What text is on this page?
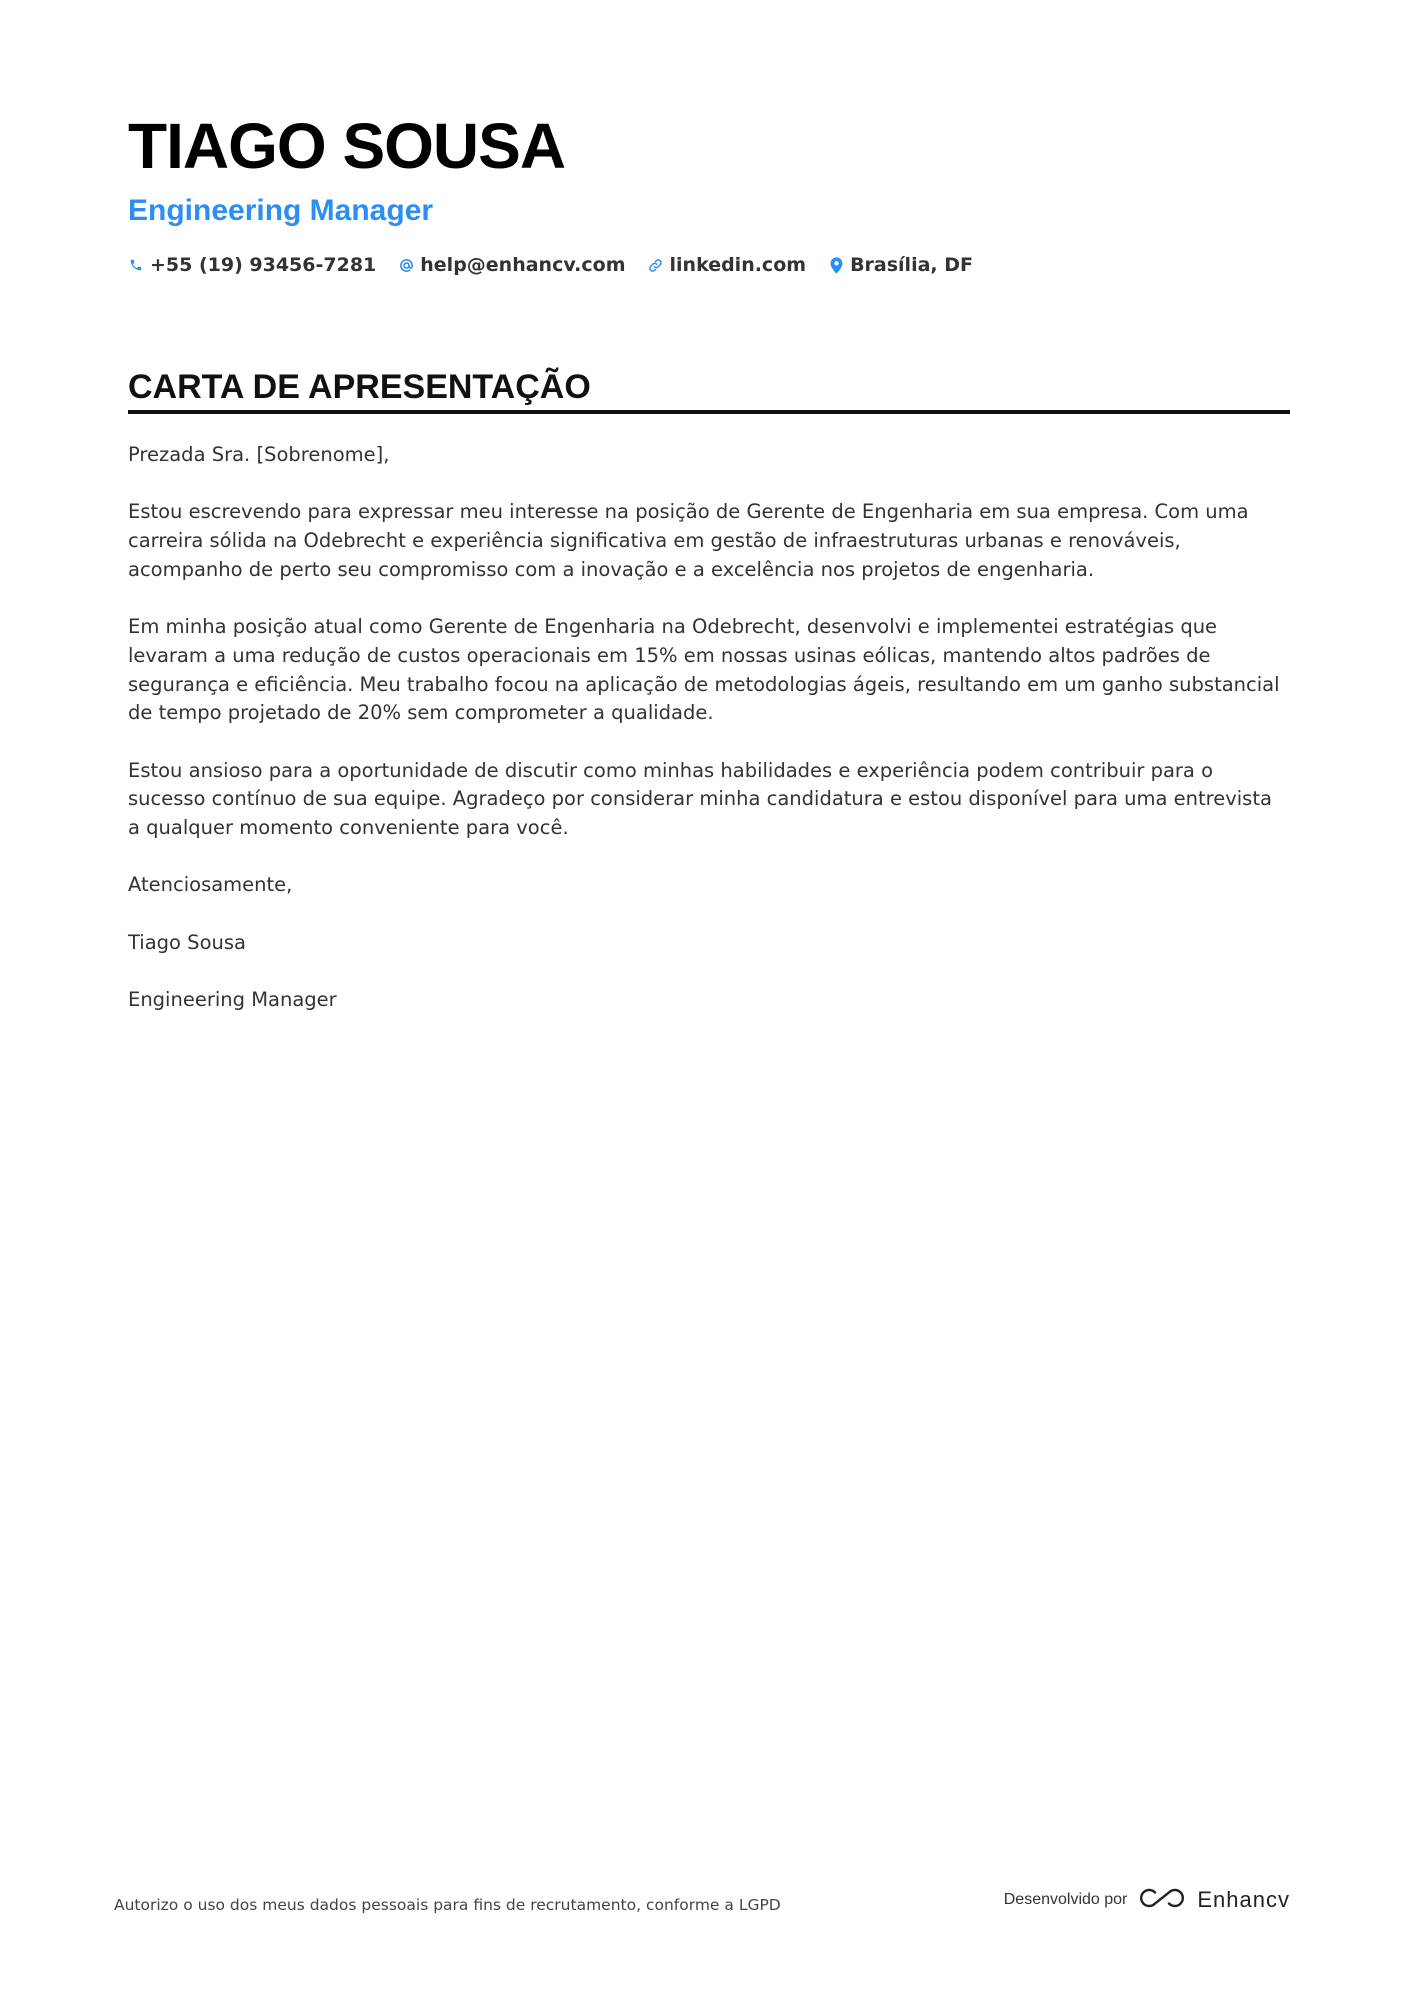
TIAGO SOUSA
Engineering Manager
+55 (19) 93456-7281 help@enhancv.com linkedin.com Brasília, DF
CARTA DE APRESENTAÇÃO

Prezada Sra. [Sobrenome],

Estou escrevendo para expressar meu interesse na posição de Gerente de Engenharia em sua empresa. Com uma carreira sólida na Odebrecht e experiência significativa em gestão de infraestruturas urbanas e renováveis, acompanho de perto seu compromisso com a inovação e a excelência nos projetos de engenharia.

Em minha posição atual como Gerente de Engenharia na Odebrecht, desenvolvi e implementei estratégias que levaram a uma redução de custos operacionais em 15% em nossas usinas eólicas, mantendo altos padrões de segurança e eficiência. Meu trabalho focou na aplicação de metodologias ágeis, resultando em um ganho substancial de tempo projetado de 20% sem comprometer a qualidade.

Estou ansioso para a oportunidade de discutir como minhas habilidades e experiência podem contribuir para o sucesso contínuo de sua equipe. Agradeço por considerar minha candidatura e estou disponível para uma entrevista a qualquer momento conveniente para você.

Atenciosamente,

Tiago Sousa

Engineering Manager

Autorizo o uso dos meus dados pessoais para fins de recrutamento, conforme a LGPD	Desenvolvido por	Enhancv
